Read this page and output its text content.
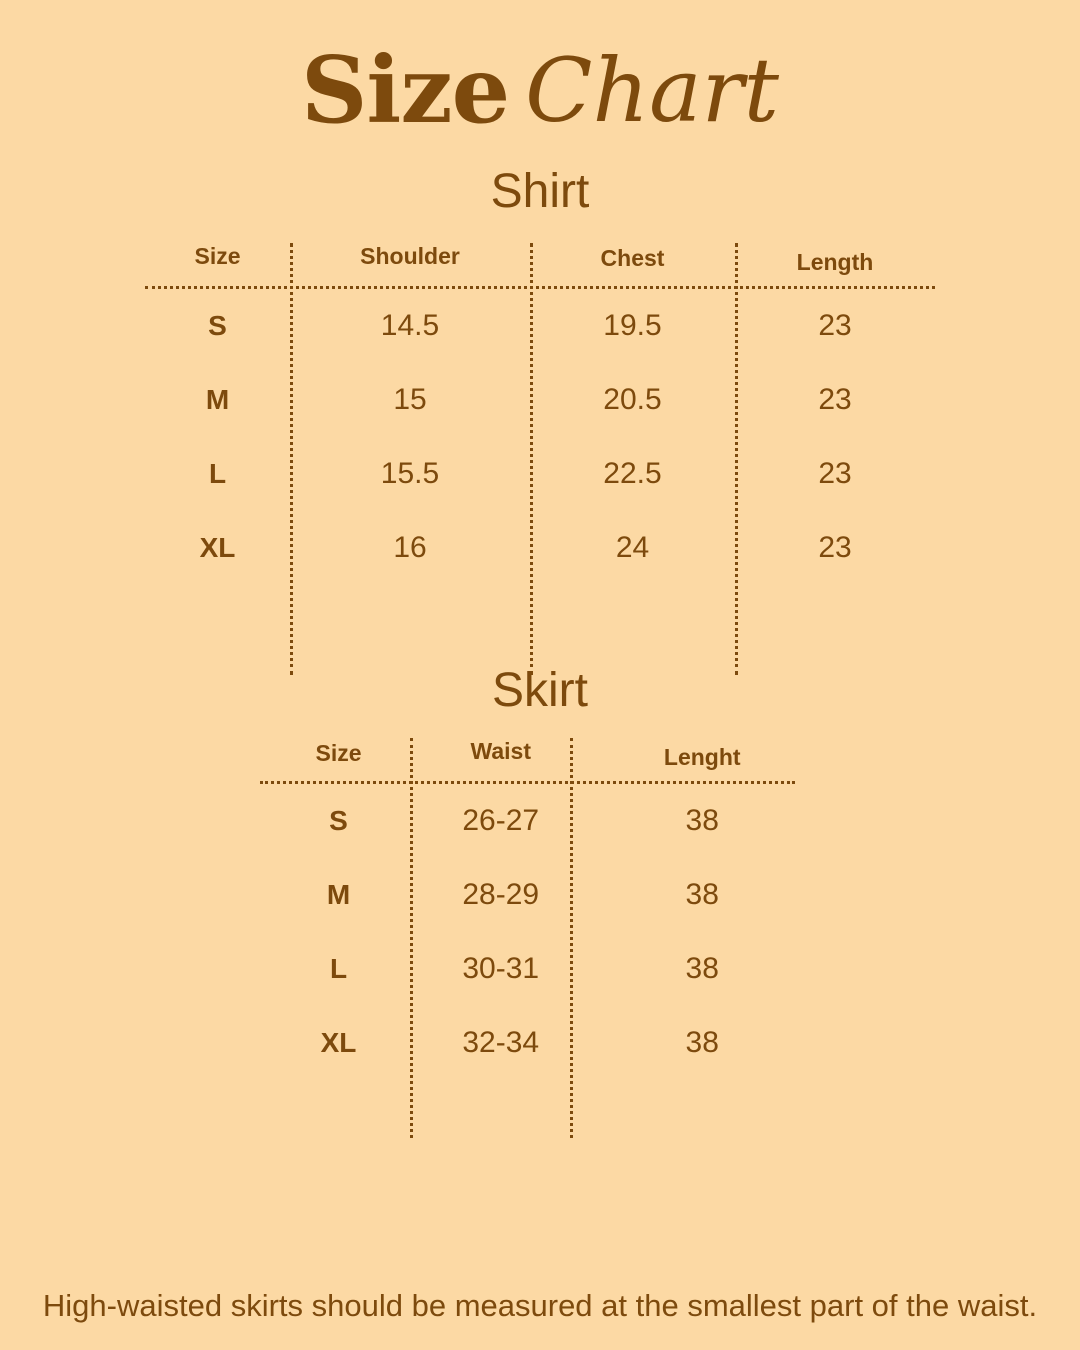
Size Chart
Shirt
Size	Shoulder	Chest	Length
S	14.5	19.5	23
M	15	20.5	23
L	15.5	22.5	23
XL	16	24	23
Skirt
Size	Waist	Lenght
S	26-27	38
M	28-29	38
L	30-31	38
XL	32-34	38
High-waisted skirts should be measured at the smallest part of the waist.
